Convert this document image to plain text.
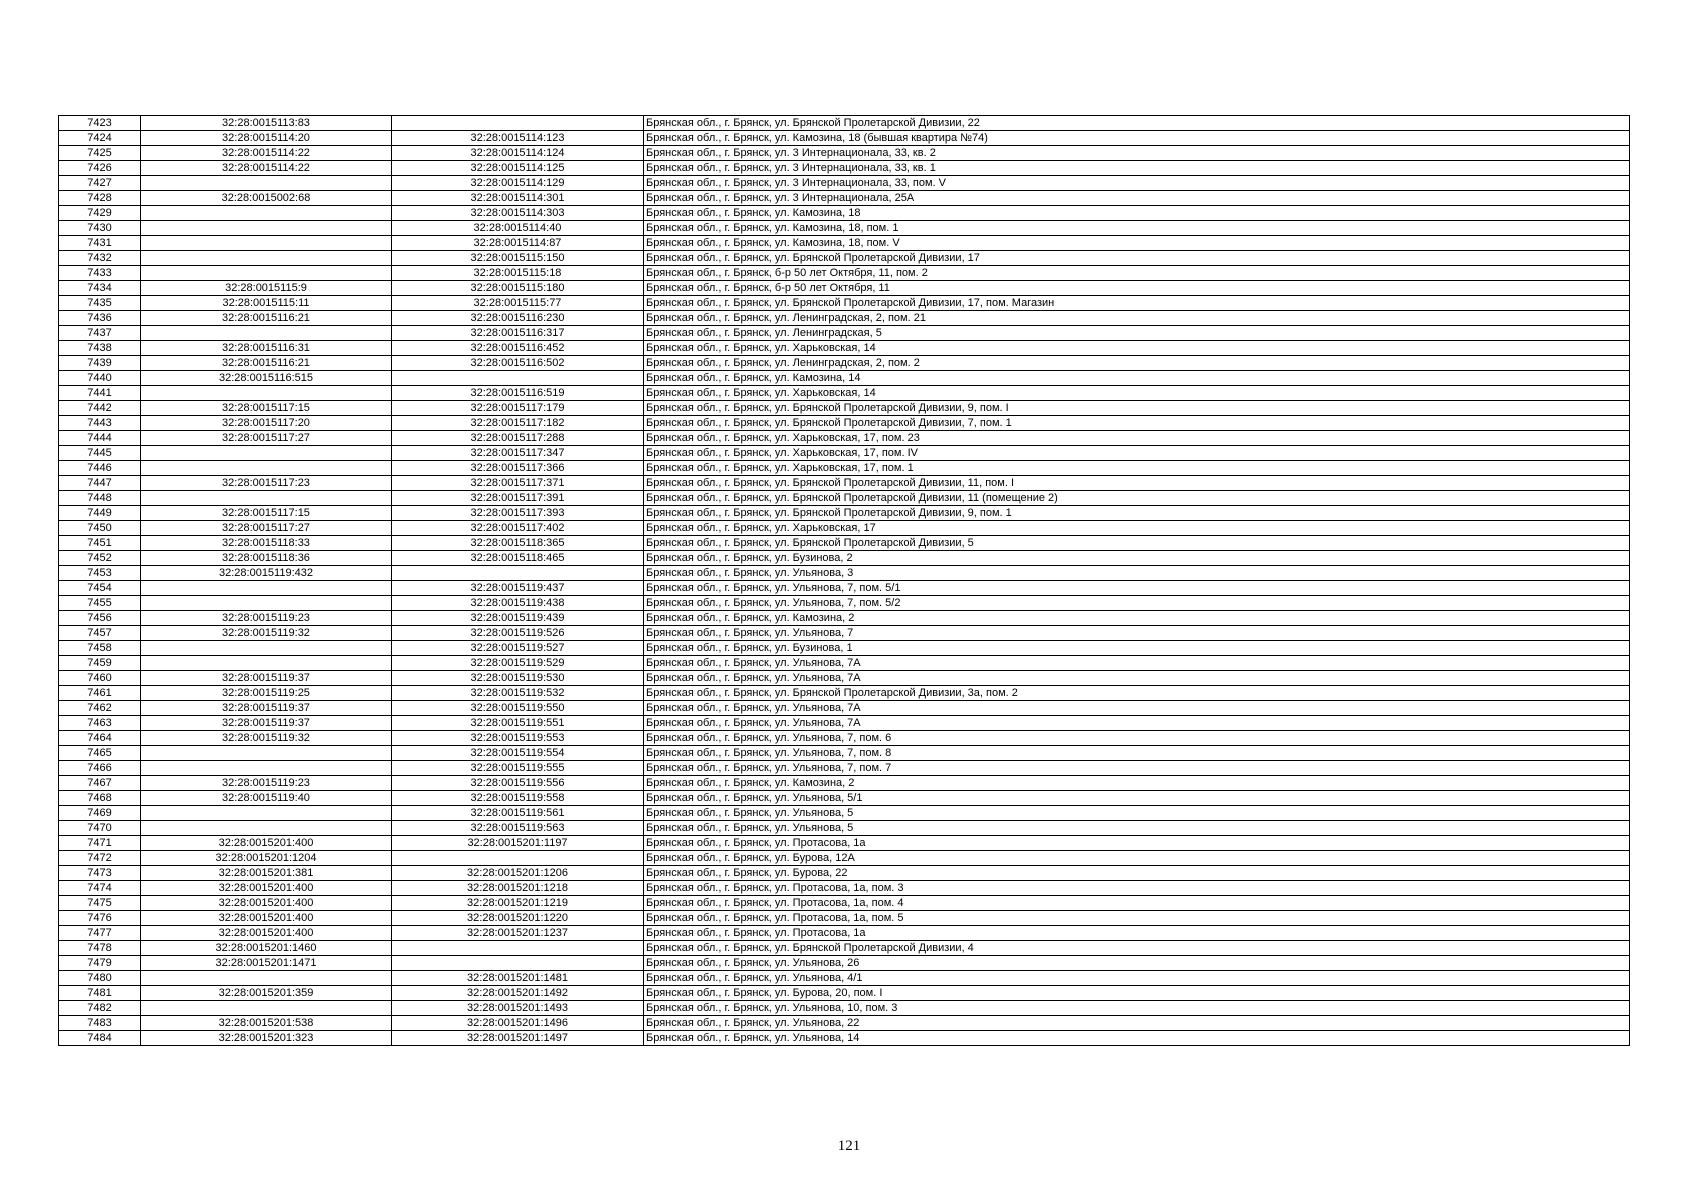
7423	32:28:0015113:83		Брянская обл., г. Брянск, ул. Брянской Пролетарской Дивизии, 22
7424	32:28:0015114:20	32:28:0015114:123	Брянская обл., г. Брянск, ул. Камозина, 18 (бывшая квартира №74)
7425	32:28:0015114:22	32:28:0015114:124	Брянская обл., г. Брянск, ул. 3 Интернационала, 33, кв. 2
7426	32:28:0015114:22	32:28:0015114:125	Брянская обл., г. Брянск, ул. 3 Интернационала, 33, кв. 1
7427		32:28:0015114:129	Брянская обл., г. Брянск, ул. 3 Интернационала, 33, пом. V
7428	32:28:0015002:68	32:28:0015114:301	Брянская обл., г. Брянск, ул. 3 Интернационала, 25А
7429		32:28:0015114:303	Брянская обл., г. Брянск, ул. Камозина, 18
7430		32:28:0015114:40	Брянская обл., г. Брянск, ул. Камозина, 18, пом. 1
7431		32:28:0015114:87	Брянская обл., г. Брянск, ул. Камозина, 18, пом. V
7432		32:28:0015115:150	Брянская обл., г. Брянск, ул. Брянской Пролетарской Дивизии, 17
7433		32:28:0015115:18	Брянская обл., г. Брянск, б-р 50 лет Октября, 11, пом. 2
7434	32:28:0015115:9	32:28:0015115:180	Брянская обл., г. Брянск, б-р 50 лет Октября, 11
7435	32:28:0015115:11	32:28:0015115:77	Брянская обл., г. Брянск, ул. Брянской Пролетарской Дивизии, 17, пом. Магазин
7436	32:28:0015116:21	32:28:0015116:230	Брянская обл., г. Брянск, ул. Ленинградская, 2, пом. 21
7437		32:28:0015116:317	Брянская обл., г. Брянск, ул. Ленинградская, 5
7438	32:28:0015116:31	32:28:0015116:452	Брянская обл., г. Брянск, ул. Харьковская, 14
7439	32:28:0015116:21	32:28:0015116:502	Брянская обл., г. Брянск, ул. Ленинградская, 2, пом. 2
7440	32:28:0015116:515		Брянская обл., г. Брянск, ул. Камозина, 14
7441		32:28:0015116:519	Брянская обл., г. Брянск, ул. Харьковская, 14
7442	32:28:0015117:15	32:28:0015117:179	Брянская обл., г. Брянск, ул. Брянской Пролетарской Дивизии, 9, пом. I
7443	32:28:0015117:20	32:28:0015117:182	Брянская обл., г. Брянск, ул. Брянской Пролетарской Дивизии, 7, пом. 1
7444	32:28:0015117:27	32:28:0015117:288	Брянская обл., г. Брянск, ул. Харьковская, 17, пом. 23
7445		32:28:0015117:347	Брянская обл., г. Брянск, ул. Харьковская, 17, пом. IV
7446		32:28:0015117:366	Брянская обл., г. Брянск, ул. Харьковская, 17, пом. 1
7447	32:28:0015117:23	32:28:0015117:371	Брянская обл., г. Брянск, ул. Брянской Пролетарской Дивизии, 11, пом. I
7448		32:28:0015117:391	Брянская обл., г. Брянск, ул. Брянской Пролетарской Дивизии, 11 (помещение 2)
7449	32:28:0015117:15	32:28:0015117:393	Брянская обл., г. Брянск, ул. Брянской Пролетарской Дивизии, 9, пом. 1
7450	32:28:0015117:27	32:28:0015117:402	Брянская обл., г. Брянск, ул. Харьковская, 17
7451	32:28:0015118:33	32:28:0015118:365	Брянская обл., г. Брянск, ул. Брянской Пролетарской Дивизии, 5
7452	32:28:0015118:36	32:28:0015118:465	Брянская обл., г. Брянск, ул. Бузинова, 2
7453	32:28:0015119:432		Брянская обл., г. Брянск, ул. Ульянова, 3
7454		32:28:0015119:437	Брянская обл., г. Брянск, ул. Ульянова, 7, пом. 5/1
7455		32:28:0015119:438	Брянская обл., г. Брянск, ул. Ульянова, 7, пом. 5/2
7456	32:28:0015119:23	32:28:0015119:439	Брянская обл., г. Брянск, ул. Камозина, 2
7457	32:28:0015119:32	32:28:0015119:526	Брянская обл., г. Брянск, ул. Ульянова, 7
7458		32:28:0015119:527	Брянская обл., г. Брянск, ул. Бузинова, 1
7459		32:28:0015119:529	Брянская обл., г. Брянск, ул. Ульянова, 7А
7460	32:28:0015119:37	32:28:0015119:530	Брянская обл., г. Брянск, ул. Ульянова, 7А
7461	32:28:0015119:25	32:28:0015119:532	Брянская обл., г. Брянск, ул. Брянской Пролетарской Дивизии, 3а, пом. 2
7462	32:28:0015119:37	32:28:0015119:550	Брянская обл., г. Брянск, ул. Ульянова, 7А
7463	32:28:0015119:37	32:28:0015119:551	Брянская обл., г. Брянск, ул. Ульянова, 7А
7464	32:28:0015119:32	32:28:0015119:553	Брянская обл., г. Брянск, ул. Ульянова, 7, пом. 6
7465		32:28:0015119:554	Брянская обл., г. Брянск, ул. Ульянова, 7, пом. 8
7466		32:28:0015119:555	Брянская обл., г. Брянск, ул. Ульянова, 7, пом. 7
7467	32:28:0015119:23	32:28:0015119:556	Брянская обл., г. Брянск, ул. Камозина, 2
7468	32:28:0015119:40	32:28:0015119:558	Брянская обл., г. Брянск, ул. Ульянова, 5/1
7469		32:28:0015119:561	Брянская обл., г. Брянск, ул. Ульянова, 5
7470		32:28:0015119:563	Брянская обл., г. Брянск, ул. Ульянова, 5
7471	32:28:0015201:400	32:28:0015201:1197	Брянская обл., г. Брянск, ул. Протасова, 1а
7472	32:28:0015201:1204		Брянская обл., г. Брянск, ул. Бурова, 12А
7473	32:28:0015201:381	32:28:0015201:1206	Брянская обл., г. Брянск, ул. Бурова, 22
7474	32:28:0015201:400	32:28:0015201:1218	Брянская обл., г. Брянск, ул. Протасова, 1а, пом. 3
7475	32:28:0015201:400	32:28:0015201:1219	Брянская обл., г. Брянск, ул. Протасова, 1а, пом. 4
7476	32:28:0015201:400	32:28:0015201:1220	Брянская обл., г. Брянск, ул. Протасова, 1а, пом. 5
7477	32:28:0015201:400	32:28:0015201:1237	Брянская обл., г. Брянск, ул. Протасова, 1а
7478	32:28:0015201:1460		Брянская обл., г. Брянск, ул. Брянской Пролетарской Дивизии, 4
7479	32:28:0015201:1471		Брянская обл., г. Брянск, ул. Ульянова, 26
7480		32:28:0015201:1481	Брянская обл., г. Брянск, ул. Ульянова, 4/1
7481	32:28:0015201:359	32:28:0015201:1492	Брянская обл., г. Брянск, ул. Бурова, 20, пом. I
7482		32:28:0015201:1493	Брянская обл., г. Брянск, ул. Ульянова, 10, пом. 3
7483	32:28:0015201:538	32:28:0015201:1496	Брянская обл., г. Брянск, ул. Ульянова, 22
7484	32:28:0015201:323	32:28:0015201:1497	Брянская обл., г. Брянск, ул. Ульянова, 14
121
